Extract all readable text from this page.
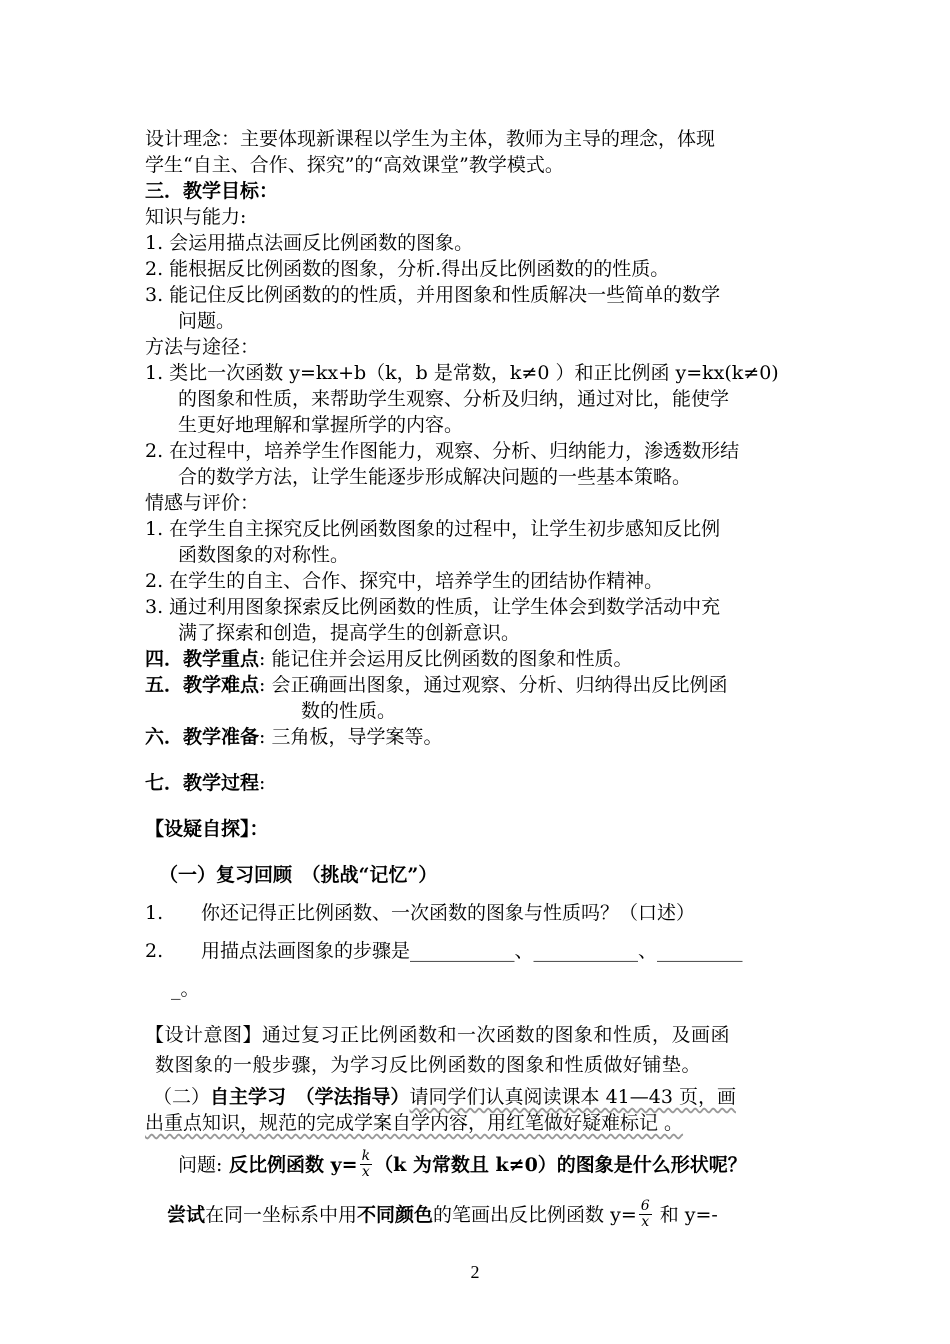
设计理念：主要体现新课程以学生为主体，教师为主导的理念，体现
学生“自主、合作、探究”的“高效课堂”教学模式。
三．教学目标：
知识与能力:
1. 会运用描点法画反比例函数的图象。
2. 能根据反比例函数的图象，分析.得出反比例函数的的性质。
3. 能记住反比例函数的的性质，并用图象和性质解决一些简单的数学
问题。
方法与途径：
1. 类比一次函数 y=kx+b（k，b 是常数，k≠0 ）和正比例函 y=kx(k≠0)
的图象和性质，来帮助学生观察、分析及归纳，通过对比，能使学
生更好地理解和掌握所学的内容。
2. 在过程中，培养学生作图能力，观察、分析、归纳能力，渗透数形结
合的数学方法，让学生能逐步形成解决问题的一些基本策略。
情感与评价：
1. 在学生自主探究反比例函数图象的过程中，让学生初步感知反比例
函数图象的对称性。
2. 在学生的自主、合作、探究中，培养学生的团结协作精神。
3. 通过利用图象探索反比例函数的性质，让学生体会到数学活动中充
满了探索和创造，提高学生的创新意识。
四．教学重点: 能记住并会运用反比例函数的图象和性质。
五．教学难点: 会正确画出图象，通过观察、分析、归纳得出反比例函
数的性质。
六．教学准备: 三角板，导学案等。
七．教学过程:
【设疑自探】：
（一）复习回顾　（挑战“记忆”）
1. 你还记得正比例函数、一次函数的图象与性质吗？（口述）
2. 用描点法画图象的步骤是___________、___________、_________
_。
【设计意图】通过复习正比例函数和一次函数的图象和性质，及画函
数图象的一般步骤，为学习反比例函数的图象和性质做好铺垫。
（二）自主学习　（学法指导）请同学们认真阅读课本 41—43 页，画
出重点知识，规范的完成学案自学内容，用红笔做好疑难标记 。
问题: 反比例函数 $y= \frac{k}{x} (k$ 为常数且 k≠0）的图象是什么形状呢？
尝试在同一坐标系中用不同颜色的笔画出反比例函数 $y= \frac{6}{x}$ 和 y=-
2
